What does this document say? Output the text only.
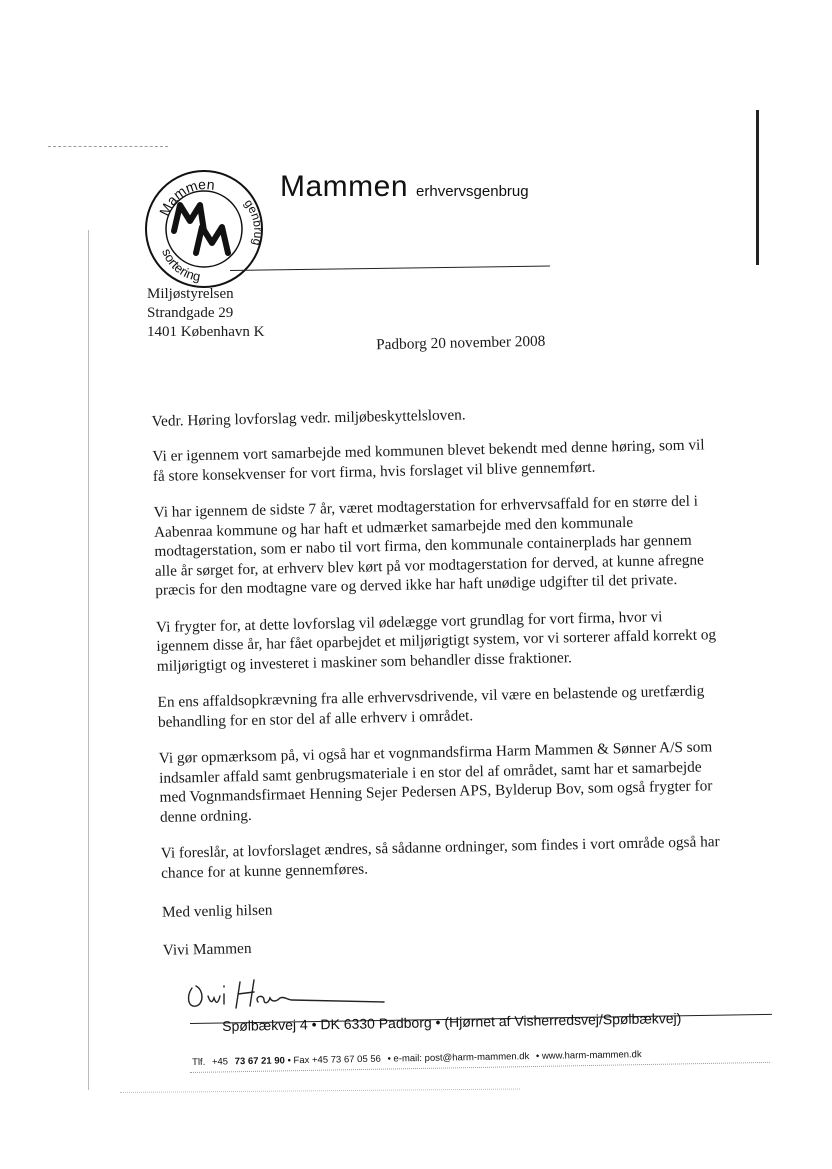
Mammen
genbrug
sortering
Mammen erhvervsgenbrug
Miljøstyrelsen
Strandgade 29
1401 København K
Padborg 20 november 2008
Vedr. Høring lovforslag vedr. miljøbeskyttelsloven.
Vi er igennem vort samarbejde med kommunen blevet bekendt med denne høring, som vil få store konsekvenser for vort firma, hvis forslaget vil blive gennemført.
Vi har igennem de sidste 7 år, været modtagerstation for erhvervsaffald for en større del i Aabenraa kommune og har haft et udmærket samarbejde med den kommunale modtagerstation, som er nabo til vort firma, den kommunale containerplads har gennem alle år sørget for, at erhverv blev kørt på vor modtagerstation for derved, at kunne afregne præcis for den modtagne vare og derved ikke har haft unødige udgifter til det private.
Vi frygter for, at dette lovforslag vil ødelægge vort grundlag for vort firma, hvor vi igennem disse år, har fået oparbejdet et miljørigtigt system, vor vi sorterer affald korrekt og miljørigtigt og investeret i maskiner som behandler disse fraktioner.
En ens affaldsopkrævning fra alle erhvervsdrivende, vil være en belastende og uretfærdig behandling for en stor del af alle erhverv i området.
Vi gør opmærksom på, vi også har et vognmandsfirma Harm Mammen & Sønner A/S som indsamler affald samt genbrugsmateriale i en stor del af området, samt har et samarbejde med Vognmandsfirmaet Henning Sejer Pedersen APS, Bylderup Bov, som også frygter for denne ordning.
Vi foreslår, at lovforslaget ændres, så sådanne ordninger, som findes i vort område også har chance for at kunne gennemføres.
Med venlig hilsen
Vivi Mammen
Spølbækvej 4 • DK 6330 Padborg • (Hjørnet af Visherredsvej/Spølbækvej)
Tlf. +45 73 67 21 90 • Fax +45 73 67 05 56 • e-mail: post@harm-mammen.dk • www.harm-mammen.dk
